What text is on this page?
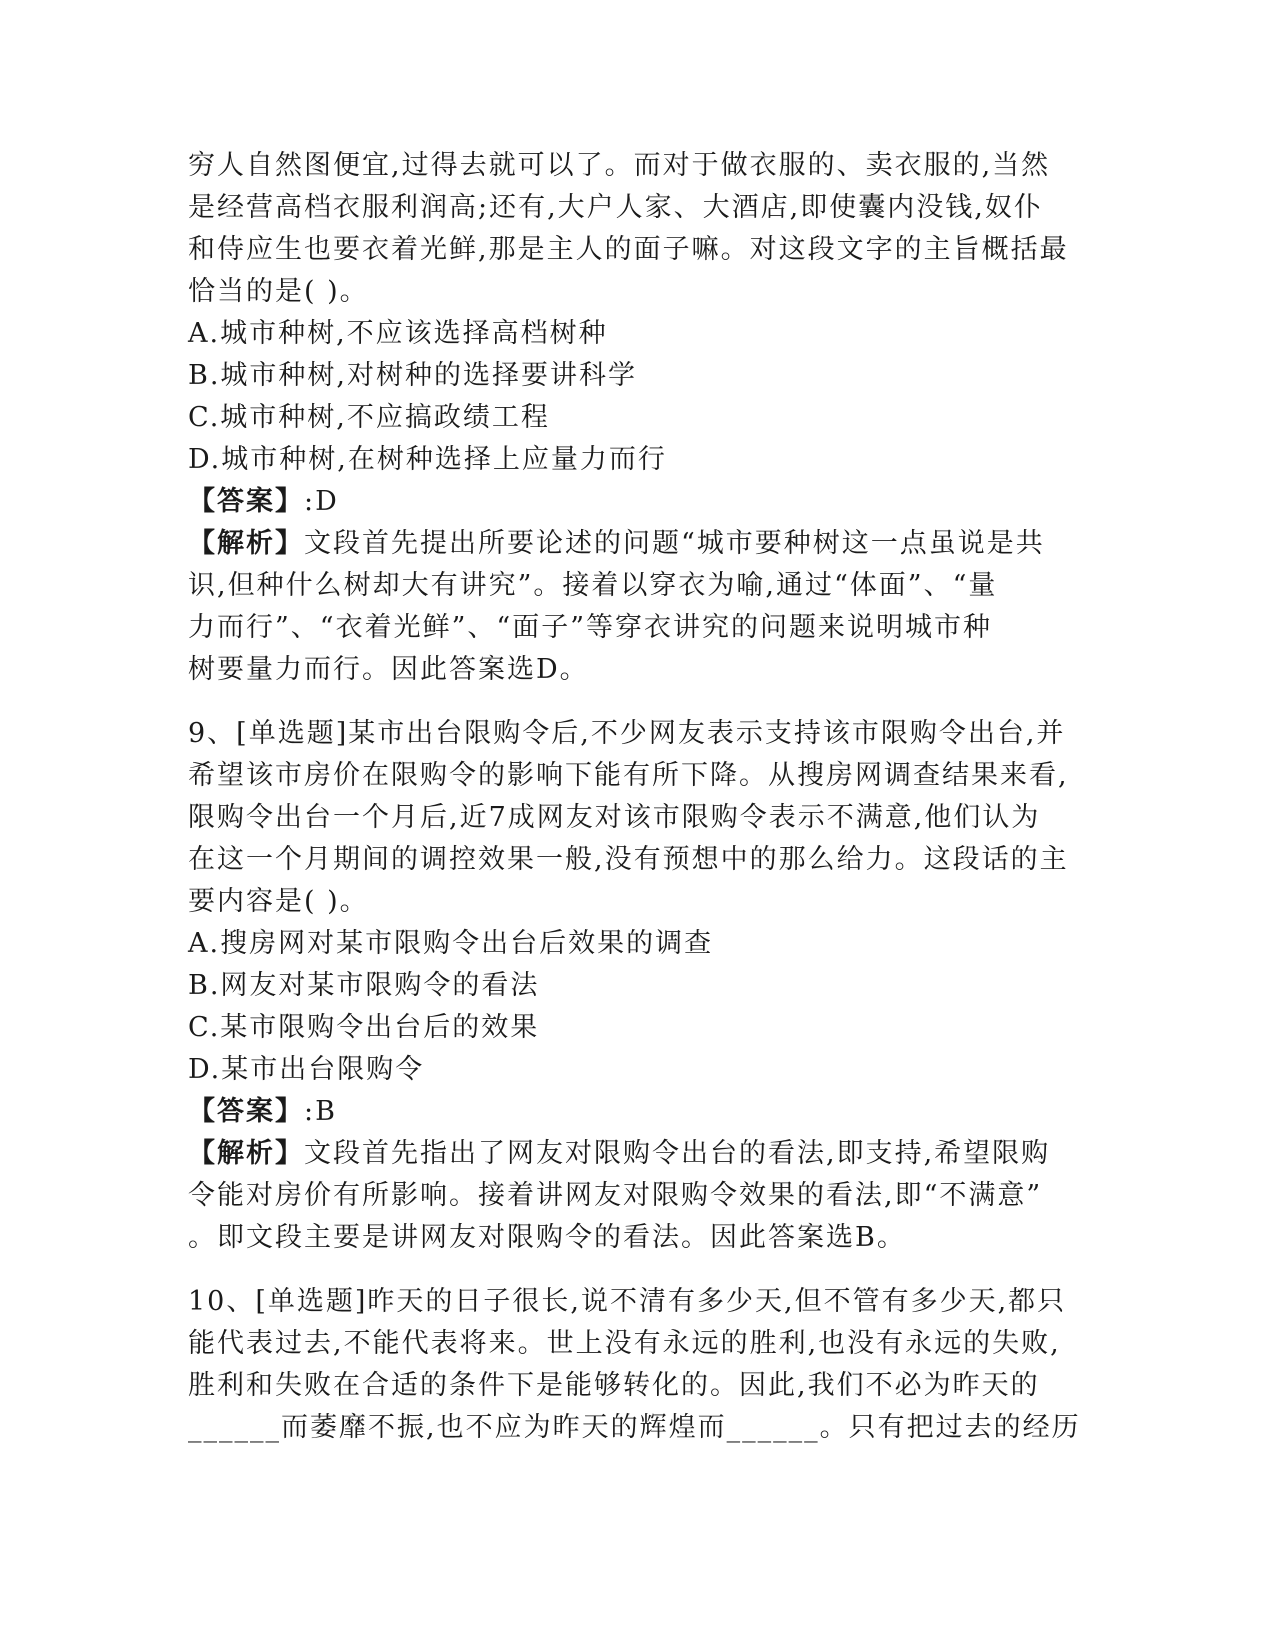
穷人自然图便宜,过得去就可以了。而对于做衣服的、卖衣服的,当然
是经营高档衣服利润高;还有,大户人家、大酒店,即使囊内没钱,奴仆
和侍应生也要衣着光鲜,那是主人的面子嘛。对这段文字的主旨概括最
恰当的是( )。
A.城市种树,不应该选择高档树种
B.城市种树,对树种的选择要讲科学
C.城市种树,不应搞政绩工程
D.城市种树,在树种选择上应量力而行
【答案】:D
【解析】文段首先提出所要论述的问题“城市要种树这一点虽说是共
识,但种什么树却大有讲究”。接着以穿衣为喻,通过“体面”、“量
力而行”、“衣着光鲜”、“面子”等穿衣讲究的问题来说明城市种
树要量力而行。因此答案选D。
9、[单选题]某市出台限购令后,不少网友表示支持该市限购令出台,并
希望该市房价在限购令的影响下能有所下降。从搜房网调查结果来看,
限购令出台一个月后,近7成网友对该市限购令表示不满意,他们认为
在这一个月期间的调控效果一般,没有预想中的那么给力。这段话的主
要内容是( )。
A.搜房网对某市限购令出台后效果的调查
B.网友对某市限购令的看法
C.某市限购令出台后的效果
D.某市出台限购令
【答案】:B
【解析】文段首先指出了网友对限购令出台的看法,即支持,希望限购
令能对房价有所影响。接着讲网友对限购令效果的看法,即“不满意”
。即文段主要是讲网友对限购令的看法。因此答案选B。
10、[单选题]昨天的日子很长,说不清有多少天,但不管有多少天,都只
能代表过去,不能代表将来。世上没有永远的胜利,也没有永远的失败,
胜利和失败在合适的条件下是能够转化的。因此,我们不必为昨天的
______而萎靡不振,也不应为昨天的辉煌而______。只有把过去的经历
